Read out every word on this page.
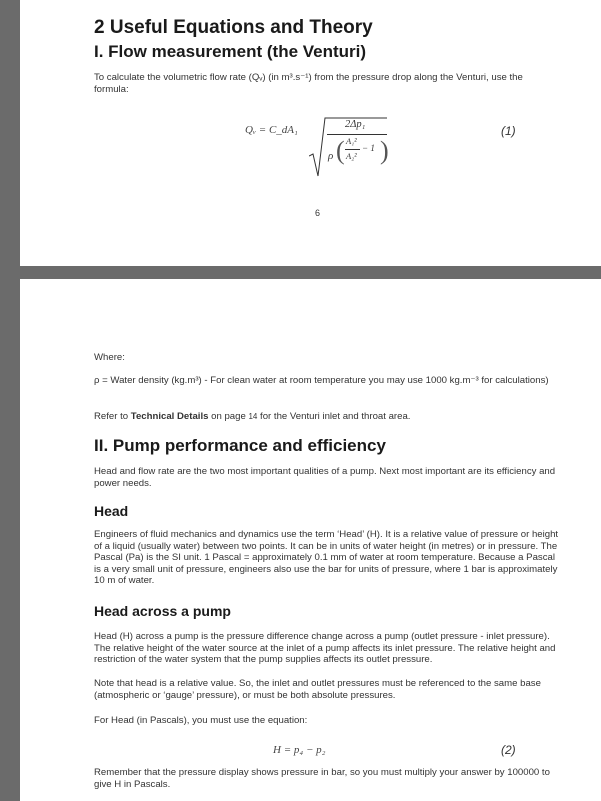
2 Useful Equations and Theory
I. Flow measurement (the Venturi)
To calculate the volumetric flow rate (Qᵥ) (in m³.s⁻¹) from the pressure drop along the Venturi, use the formula:
Qᵥ = C_dA₁	2Δp₁
ρ ( A₁²
A₂²
− 1 )
(1)
6
Where:
ρ = Water density (kg.m³) - For clean water at room temperature you may use 1000 kg.m⁻³ for calculations)
Refer to Technical Details on page 14 for the Venturi inlet and throat area.
II. Pump performance and efficiency
Head and flow rate are the two most important qualities of a pump. Next most important are its efficiency and power needs.
Head
Engineers of fluid mechanics and dynamics use the term ‘Head’ (H). It is a relative value of pressure or height of a liquid (usually water) between two points. It can be in units of water height (in metres) or in pressure. The Pascal (Pa) is the SI unit. 1 Pascal = approximately 0.1 mm of water at room temperature. Because a Pascal is a very small unit of pressure, engineers also use the bar for units of pressure, where 1 bar is approximately 10 m of water.
Head across a pump
Head (H) across a pump is the pressure difference change across a pump (outlet pressure - inlet pressure). The relative height of the water source at the inlet of a pump affects its inlet pressure. The relative height and restriction of the water system that the pump supplies affects its outlet pressure.
Note that head is a relative value. So, the inlet and outlet pressures must be referenced to the same base (atmospheric or ‘gauge’ pressure), or must be both absolute pressures.
For Head (in Pascals), you must use the equation:
H = p₄ − p₂	(2)
Remember that the pressure display shows pressure in bar, so you must multiply your answer by 100000 to give H in Pascals.
